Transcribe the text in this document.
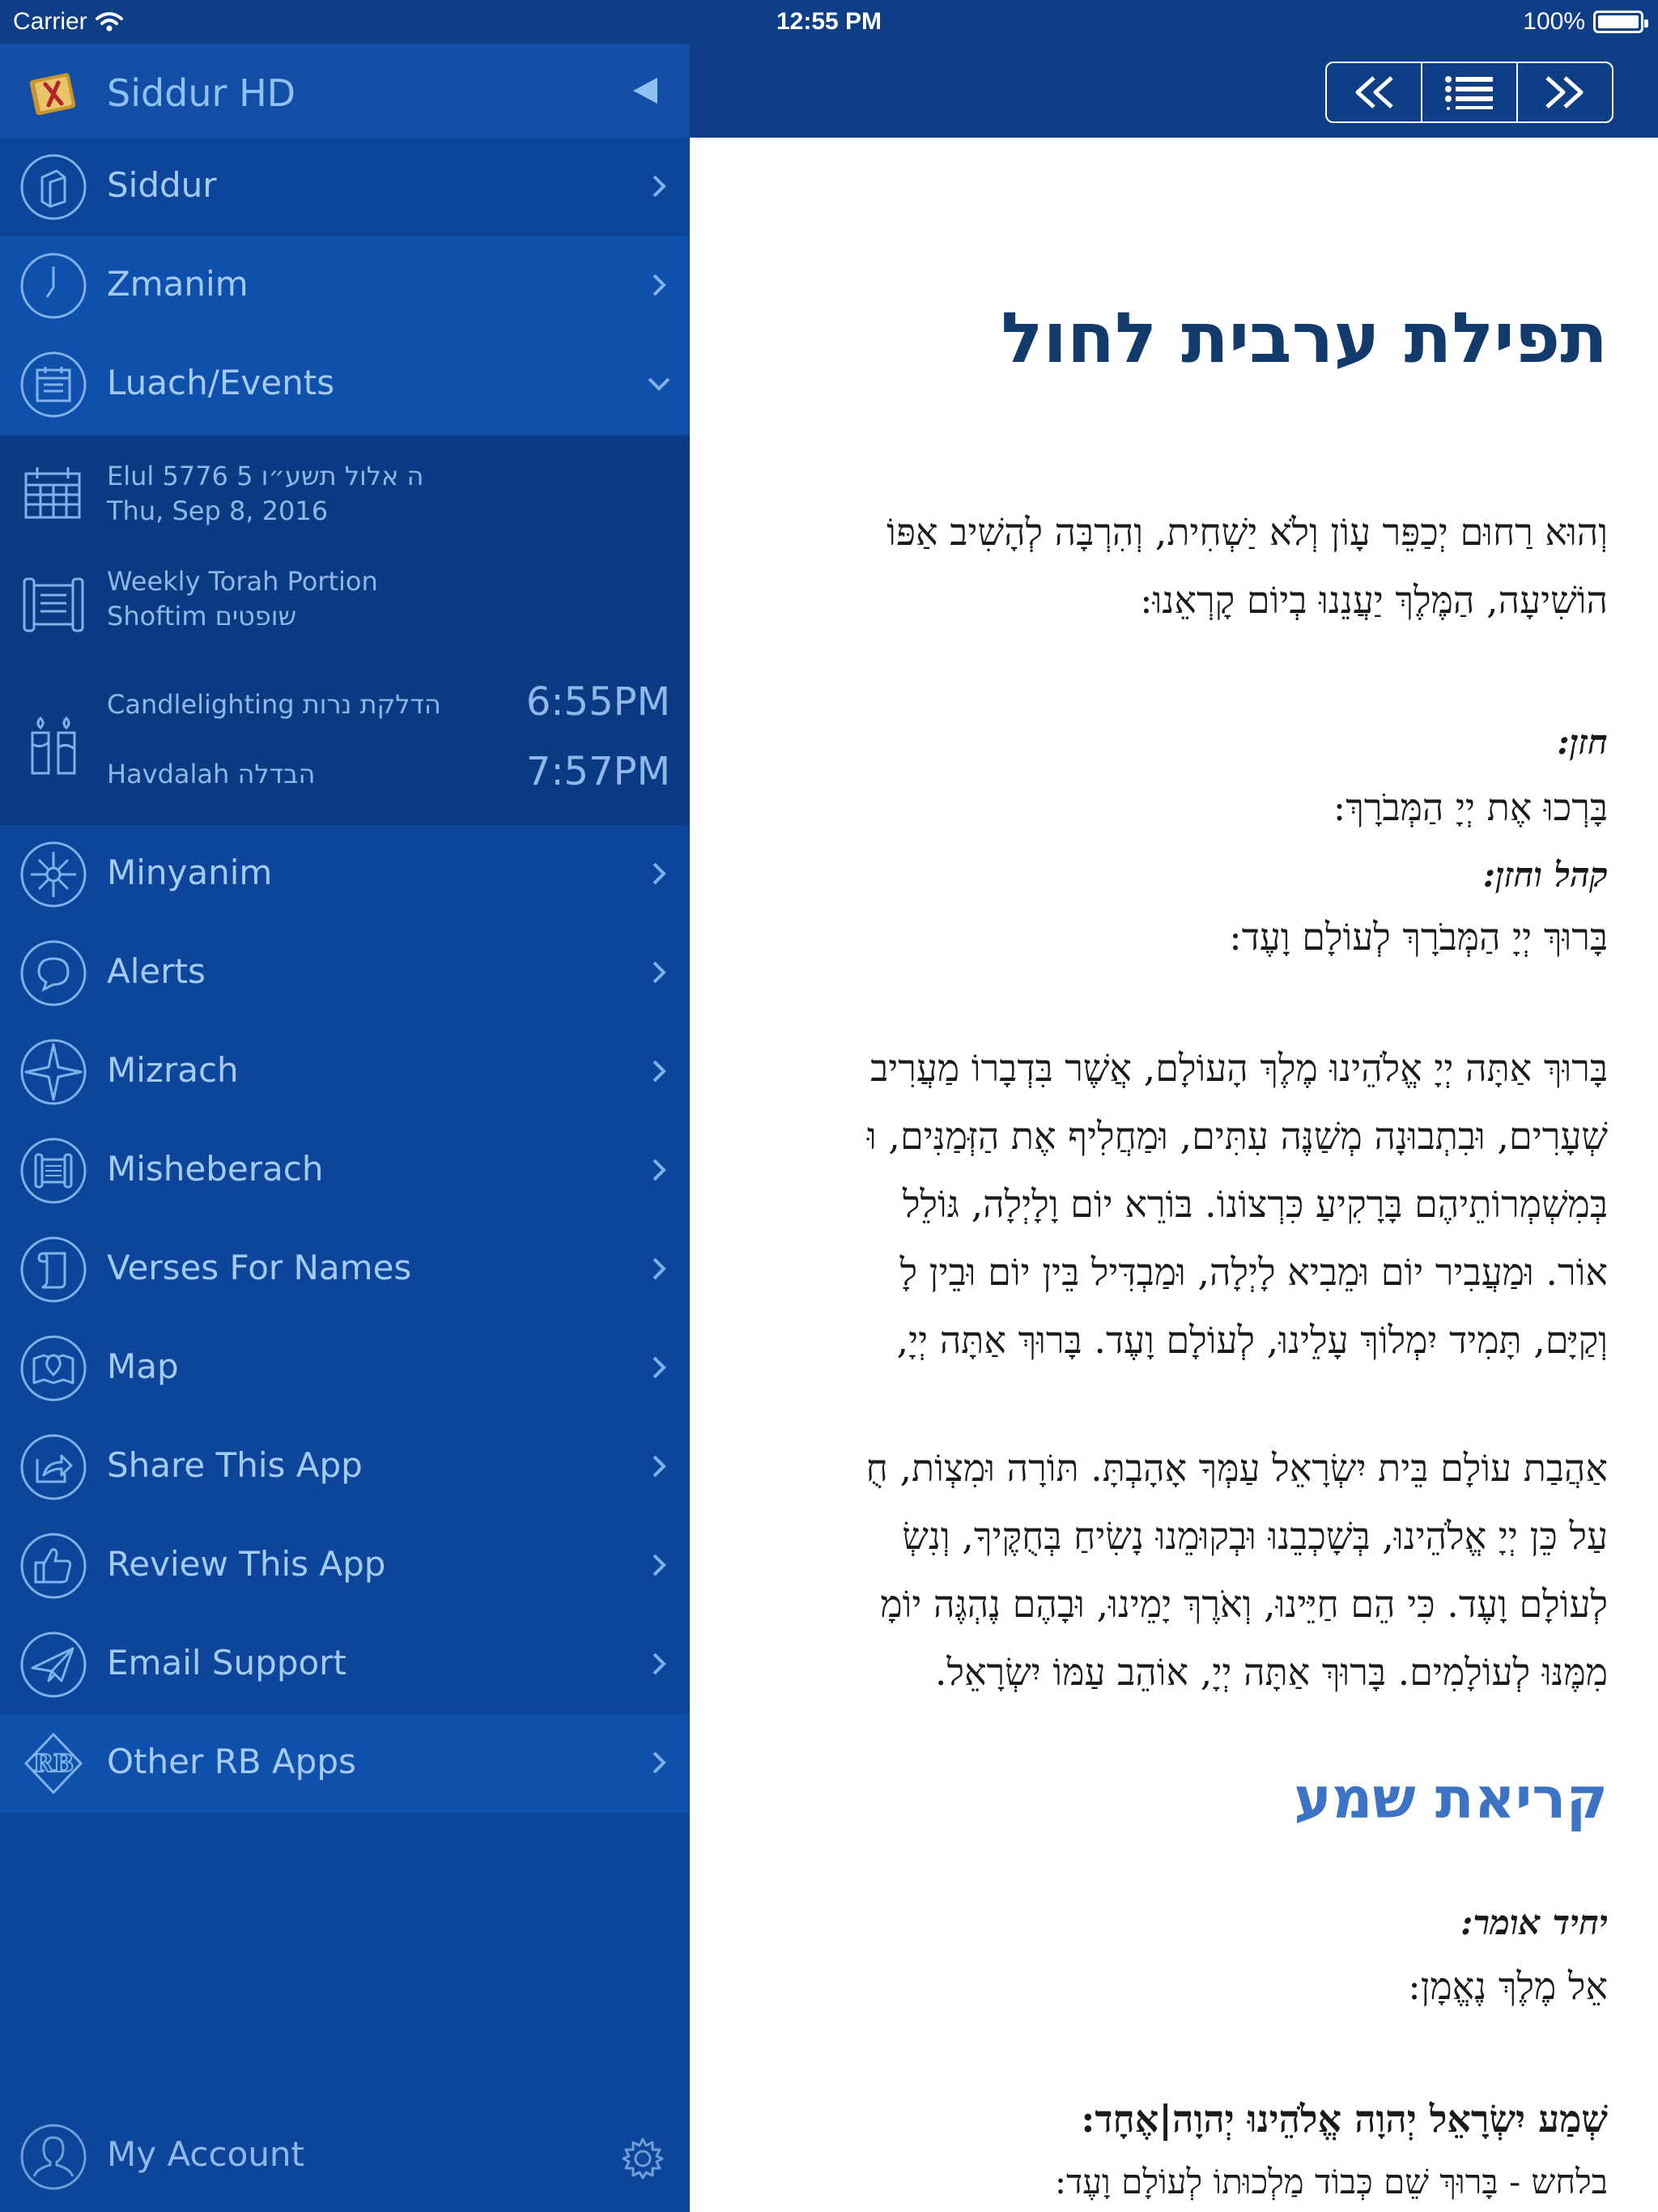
Carrier	12:55 PM	100%
תפילת ערבית לחול
וְהוּא רַחוּם יְכַפֵּר עָוֹן וְלֹא יַשְׁחִית, וְהִרְבָּה לְהָשִׁיב אַפּוֹ
הוֹשִׁיעָה, הַמֶּלֶךְ יַעֲנֵנוּ בְיוֹם קָרְאֵנוּ:
חזן:
בָּרְכוּ אֶת יְיָ הַמְּבֹרָךְ:
קהל וחזן:
בָּרוּךְ יְיָ הַמְּבֹרָךְ לְעוֹלָם וָעֶד:
בָּרוּךְ אַתָּה יְיָ אֱלֹהֵינוּ מֶלֶךְ הָעוֹלָם, אֲשֶׁר בִּדְבָרוֹ מַעֲרִיב
שְׁעָרִים, וּבִתְבוּנָה מְשַׁנֶּה עִתִּים, וּמַחֲלִיף אֶת הַזְּמַנִּים, וּ
בְּמִשְׁמְרוֹתֵיהֶם בָּרָקִיעַ כִּרְצוֹנוֹ. בּוֹרֵא יוֹם וָלָיְלָה, גּוֹלֵל
אוֹר. וּמַעֲבִיר יוֹם וּמֵבִיא לָיְלָה, וּמַבְדִּיל בֵּין יוֹם וּבֵין לָ
וְקַיָּם, תָּמִיד יִמְלוֹךְ עָלֵינוּ, לְעוֹלָם וָעֶד. בָּרוּךְ אַתָּה יְיָ,
אַהֲבַת עוֹלָם בֵּית יִשְׂרָאֵל עַמְּךָ אָהָבְתָּ. תּוֹרָה וּמִצְוֹת, חֻ
עַל כֵּן יְיָ אֱלֹהֵינוּ, בְּשָׁכְבֵנוּ וּבְקוּמֵנוּ נָשִׂיחַ בְּחֻקֶּיךָ, וְנִשְׂ
לְעוֹלָם וָעֶד. כִּי הֵם חַיֵּינוּ, וְאֹרֶךְ יָמֵינוּ, וּבָהֶם נֶהְגֶּה יוֹמָ
מִמֶּנּוּ לְעוֹלָמִים. בָּרוּךְ אַתָּה יְיָ, אוֹהֵב עַמּוֹ יִשְׂרָאֵל.
קריאת שמע
יחיד אומר:
אֵל מֶלֶךְ נֶאֱמָן:
שְׁמַע יִשְׂרָאֵל יְהוָה אֱלֹהֵינוּ יְהוָה|אֶחָד:
בלחש - בָּרוּךְ שֵׁם כְּבוֹד מַלְכוּתוֹ לְעוֹלָם וָעֶד:
Siddur HD
Siddur
Zmanim
Luach/Events
Elul 5776 5 ה אלול תשע״ו
Thu, Sep 8, 2016
Weekly Torah Portion
Shoftim שופטים
Candlelighting הדלקת נרות 6:55PM
Havdalah הבדלה	7:57PM
Minyanim
Alerts
Mizrach
Misheberach
Verses For Names
Map
Share This App
Review This App
Email Support
RB Other RB Apps
My Account
